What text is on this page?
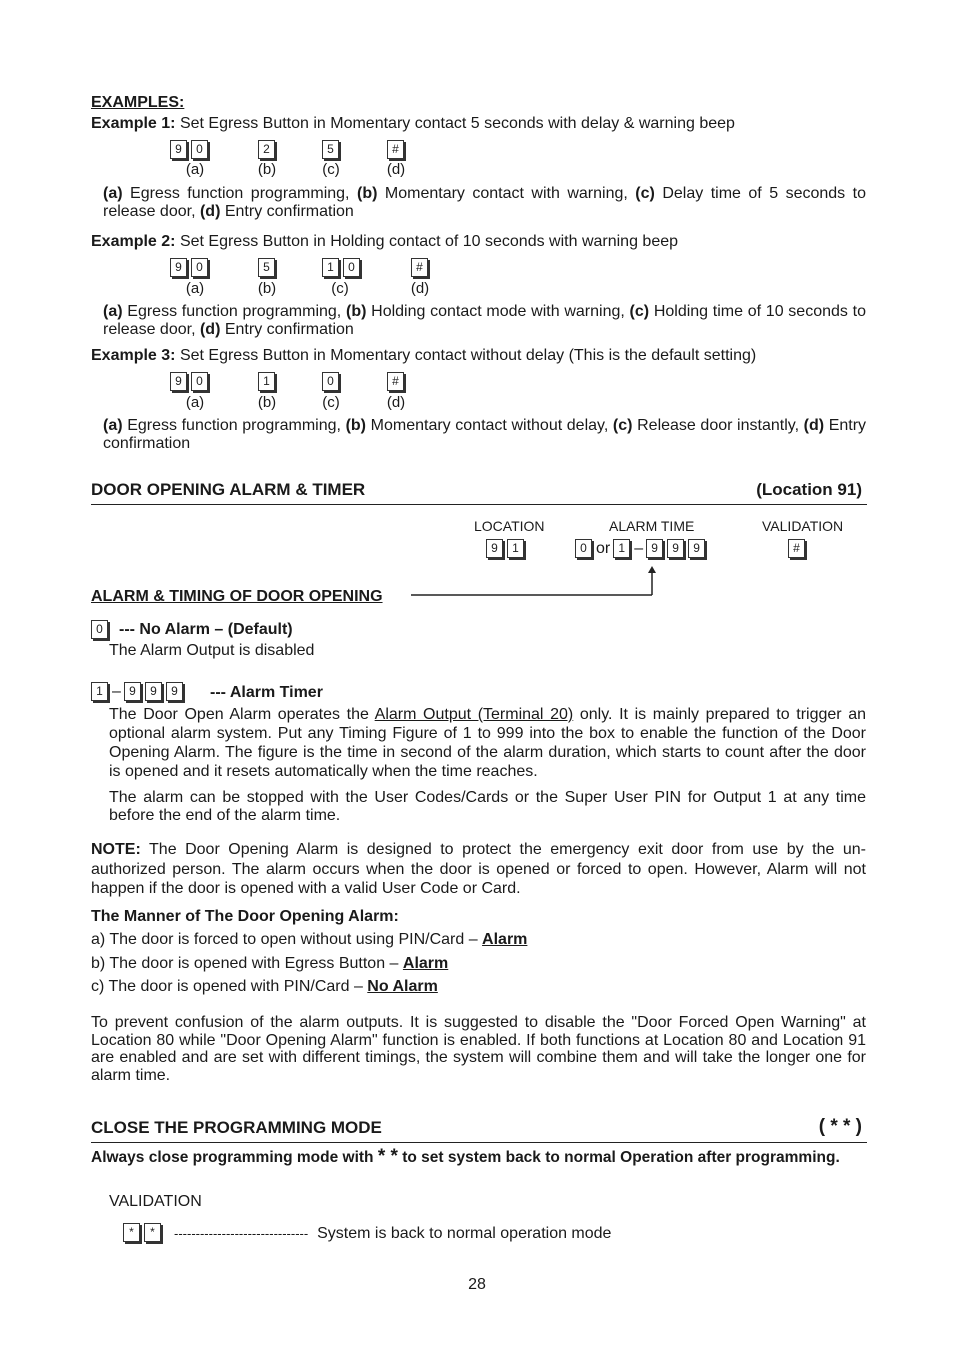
EXAMPLES:
Example 1: Set Egress Button in Momentary contact 5 seconds with delay & warning beep
9 0	2	5	#
(a)	(b)	(c)	(d)
(a) Egress function programming, (b) Momentary contact with warning, (c) Delay time of 5 seconds to release door, (d) Entry confirmation
Example 2: Set Egress Button in Holding contact of 10 seconds with warning beep
9 0	5	1 0	#
(a)	(b)	(c)	(d)
(a) Egress function programming, (b) Holding contact mode with warning, (c) Holding time of 10 seconds to release door, (d) Entry confirmation
Example 3: Set Egress Button in Momentary contact without delay (This is the default setting)
9 0	1	0	#
(a)	(b)	(c)	(d)
(a) Egress function programming, (b) Momentary contact without delay, (c) Release door instantly, (d) Entry confirmation
DOOR OPENING ALARM & TIMER	(Location 91)
LOCATION	ALARM TIME	VALIDATION
9 1	0 or 1 – 9 9 9	#
ALARM & TIMING OF DOOR OPENING
0	--- No Alarm – (Default)
The Alarm Output is disabled
1 – 9 9 9	--- Alarm Timer
The Door Open Alarm operates the Alarm Output (Terminal 20) only. It is mainly prepared to trigger an optional alarm system. Put any Timing Figure of 1 to 999 into the box to enable the function of the Door Opening Alarm. The figure is the time in second of the alarm duration, which starts to count after the door is opened and it resets automatically when the time reaches.
The alarm can be stopped with the User Codes/Cards or the Super User PIN for Output 1 at any time before the end of the alarm time.
NOTE: The Door Opening Alarm is designed to protect the emergency exit door from use by the un-authorized person. The alarm occurs when the door is opened or forced to open. However, Alarm will not happen if the door is opened with a valid User Code or Card.
The Manner of The Door Opening Alarm:
a) The door is forced to open without using PIN/Card – Alarm
b) The door is opened with Egress Button – Alarm
c) The door is opened with PIN/Card – No Alarm
To prevent confusion of the alarm outputs. It is suggested to disable the "Door Forced Open Warning" at Location 80 while "Door Opening Alarm" function is enabled. If both functions at Location 80 and Location 91 are enabled and are set with different timings, the system will combine them and will take the longer one for alarm time.
CLOSE THE PROGRAMMING MODE	( * * )
Always close programming mode with * * to set system back to normal Operation after programming.
VALIDATION
* *	------------------------------- System is back to normal operation mode
28
